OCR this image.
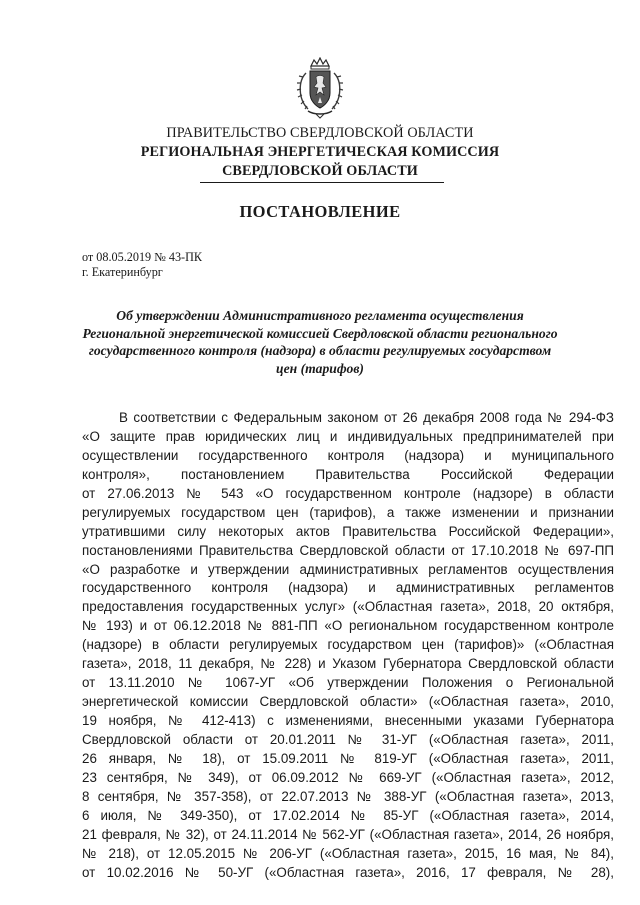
ПРАВИТЕЛЬСТВО СВЕРДЛОВСКОЙ ОБЛАСТИ
РЕГИОНАЛЬНАЯ ЭНЕРГЕТИЧЕСКАЯ КОМИССИЯ
СВЕРДЛОВСКОЙ ОБЛАСТИ
ПОСТАНОВЛЕНИЕ
от 08.05.2019 № 43-ПК
г. Екатеринбург
Об утверждении Административного регламента осуществления
Региональной энергетической комиссией Свердловской области регионального
государственного контроля (надзора) в области регулируемых государством
цен (тарифов)
В соответствии с Федеральным законом от 26 декабря 2008 года № 294-ФЗ
«О защите прав юридических лиц и индивидуальных предпринимателей при
осуществлении государственного контроля (надзора) и муниципального
контроля», постановлением Правительства Российской Федерации
от 27.06.2013 № 543 «О государственном контроле (надзоре) в области
регулируемых государством цен (тарифов), а также изменении и признании
утратившими силу некоторых актов Правительства Российской Федерации»,
постановлениями Правительства Свердловской области от 17.10.2018 № 697-ПП
«О разработке и утверждении административных регламентов осуществления
государственного контроля (надзора) и административных регламентов
предоставления государственных услуг» («Областная газета», 2018, 20 октября,
№ 193) и от 06.12.2018 № 881-ПП «О региональном государственном контроле
(надзоре) в области регулируемых государством цен (тарифов)» («Областная
газета», 2018, 11 декабря, № 228) и Указом Губернатора Свердловской области
от 13.11.2010 № 1067-УГ «Об утверждении Положения о Региональной
энергетической комиссии Свердловской области» («Областная газета», 2010,
19 ноября, № 412-413) с изменениями, внесенными указами Губернатора
Свердловской области от 20.01.2011 № 31-УГ («Областная газета», 2011,
26 января, № 18), от 15.09.2011 № 819-УГ («Областная газета», 2011,
23 сентября, № 349), от 06.09.2012 № 669-УГ («Областная газета», 2012,
8 сентября, № 357-358), от 22.07.2013 № 388-УГ («Областная газета», 2013,
6 июля, № 349-350), от 17.02.2014 № 85-УГ («Областная газета», 2014,
21 февраля, № 32), от 24.11.2014 № 562-УГ («Областная газета», 2014, 26 ноября,
№ 218), от 12.05.2015 № 206-УГ («Областная газета», 2015, 16 мая, № 84),
от 10.02.2016 № 50-УГ («Областная газета», 2016, 17 февраля, № 28),
